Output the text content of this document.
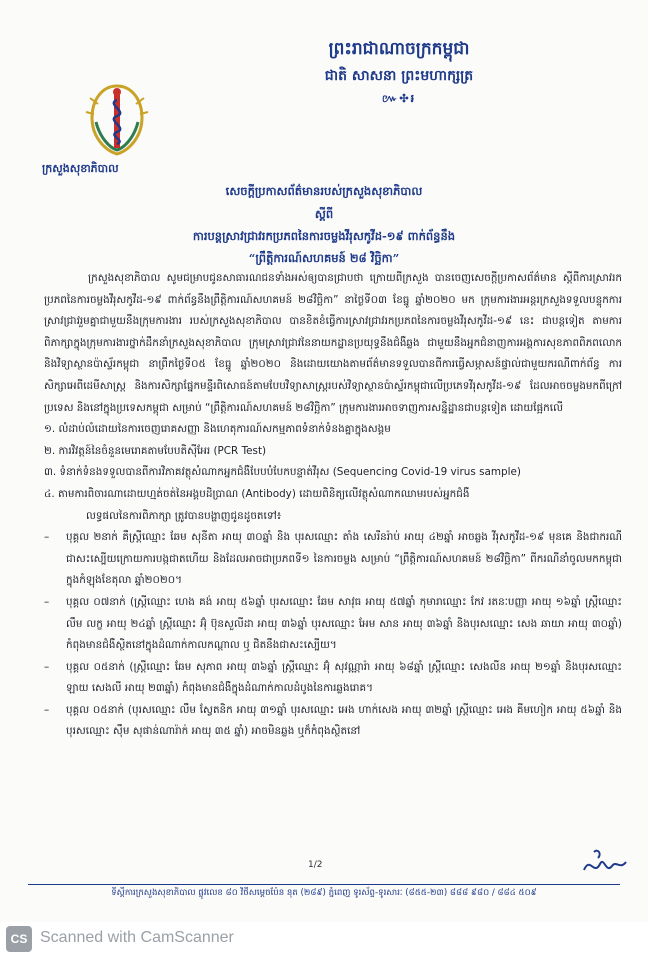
ព្រះរាជាណាចក្រកម្ពុជា
ជាតិ សាសនា ព្រះមហាក្សត្រ
៚✣៛
ក្រសួងសុខាភិបាល
សេចក្តីប្រកាសព័ត៌មានរបស់ក្រសួងសុខាភិបាល
ស្តីពី
ការបន្តស្រាវជ្រាវរកប្រភពនៃការចម្លងវីរុសកូវីដ-១៩ ពាក់ព័ន្ធនឹង
“ព្រឹត្តិការណ៍សហគមន៍ ២៨ វិច្ឆិកា”

ក្រសួងសុខាភិបាល សូមជម្រាបជូនសាធារណជនទាំងអស់ឲ្យបានជ្រាបថា ក្រោយពីក្រសួង បានចេញសេចក្តីប្រកាសព័ត៌មាន ស្តីពីការស្រាវរកប្រភពនៃការចម្លងវីរុសកូវីដ-១៩ ពាក់ព័ន្ធនឹងព្រឹត្តិការណ៍សហគមន៍ ២៨វិច្ឆិកា” នាថ្ងៃទី០៣ ខែធ្នូ ឆ្នាំ២០២០ មក ក្រុមការងារអន្តរក្រសួងទទួលបន្ទុកការស្រាវជ្រាវរួមគ្នាជាមួយនឹងក្រុមការងារ របស់ក្រសួងសុខាភិបាល បានខិតខំធ្វើការស្រាវជ្រាវរកប្រភពនៃការចម្លងវីរុសកូវីដ-១៩ នេះ ជាបន្តទៀត តាមការពិភាក្សាក្នុងក្រុមការងារថ្នាក់ដឹកនាំក្រសួងសុខាភិបាល ក្រុមស្រាវជ្រាវនៃនាយកដ្ឋានប្រយុទ្ធនឹងជំងឺឆ្លង ជាមួយនឹងអ្នកជំនាញការអង្គការសុខភាពពិភពលោក និងវិទ្យាស្ថានប៉ាស្ទ័រកម្ពុជា នាព្រឹកថ្ងៃទី០៥ ខែធ្នូ ឆ្នាំ២០២០ និងដោយយោងតាមព័ត៌មានទទួលបានពីការធ្វើសម្ភាសន៍ផ្ទាល់ជាមួយករណីពាក់ព័ន្ធ ការសិក្សាអេពីដេមីសាស្ត្រ និងការសិក្សាផ្នែកមន្ទីរពិសោធន៍តាមបែបវិទ្យាសាស្ត្ររបស់វិទ្យាស្ថានប៉ាស្ទ័រកម្ពុជាលើប្រភេទវីរុសកូវីដ-១៩ ដែលអាចចម្លងមកពីក្រៅប្រទេស និងនៅក្នុងប្រទេសកម្ពុជា សម្រាប់ “ព្រឹត្តិការណ៍សហគមន៍ ២៨វិច្ឆិកា” ក្រុមការងារអាចទាញការសន្និដ្ឋានជាបន្តទៀត ដោយផ្អែកលើ

១. លំដាប់លំដោយនៃការចេញរោគសញ្ញា និងហេតុការណ៍សកម្មភាពទំនាក់ទំនងគ្នាក្នុងសង្គម

២. ការវិវត្តន៍នៃចំនួនមេរោគតាមបែបតិស៊ីអែរ (PCR Test)

៣. ទំនាក់ទំនងទទួលបានពីការវិភាគវត្ថុសំណាកអ្នកជំងឺបែបបំបែកបន្ទាត់វីរុស (Sequencing Covid-19 virus sample)

៤. តាមការពិចារណាដោយហ្មត់ចត់នៃអង្គបដិប្រាណ (Antibody) ដោយពិនិត្យលើវត្ថុសំណាកឈាមរបស់អ្នកជំងឺ

លទ្ធផលនៃការពិភាក្សា ត្រូវបានបង្ហាញជូនដូចតទៅ៖

– បុគ្គល ២នាក់ គឺស្ត្រីឈ្មោះ ឆែម សុនីតា អាយុ ៣០ឆ្នាំ និង បុរសឈ្មោះ តាំង សេរីនរ៉ាប់ អាយុ ៤២ឆ្នាំ អាចឆ្លង វីរុសកូវីដ-១៩ មុនគេ និងជាករណីជាសះស្បើយក្រោយការបង្កជាតហើយ និងដែលអាចជាប្រភពទី១ នៃការចម្លង សម្រាប់ “ព្រឹត្តិការណ៍សហគមន៍ ២៨វិច្ឆិកា” ពីករណីនាំចូលមកកម្ពុជាក្នុងកំឡុងខែតុលា ឆ្នាំ២០២០។
– បុគ្គល ០៧នាក់ (ស្ត្រីឈ្មោះ ហេង គង់ អាយុ ៥៦ឆ្នាំ បុរសឈ្មោះ ឆែម សាវុធ អាយុ ៥៧ឆ្នាំ កុមារាឈ្មោះ កែវ រតនៈបញ្ញា អាយុ ១៦ឆ្នាំ ស្ត្រីឈ្មោះ លឹម លក្ខ អាយុ ២៤ឆ្នាំ ស្ត្រីឈ្មោះ អ៊ុំ ប៊ុនសួលីដា អាយុ ៣៦ឆ្នាំ បុរសឈ្មោះ អែម សាន អាយុ ៣៦ឆ្នាំ និងបុរសឈ្មោះ សេង ឆាយា អាយុ ៣០ឆ្នាំ) កំពុងមានជំងឺស្ថិតនៅក្នុងដំណាក់កាលកណ្តាល ឬ ជិតនឹងជាសះស្បើយ។
– បុគ្គល ០៥នាក់ (ស្ត្រីឈ្មោះ ឆែម សុភាព អាយុ ៣៦ឆ្នាំ ស្ត្រីឈ្មោះ អ៊ុំ សុវណ្ណារ៉ា អាយុ ៦៨ឆ្នាំ ស្ត្រីឈ្មោះ សេងលីន អាយុ ២១ឆ្នាំ និងបុរសឈ្មោះ ឡាយ សេងលី អាយុ ២៣ឆ្នាំ) កំពុងមានជំងឺក្នុងដំណាក់កាលដំបូងនៃការឆ្លងរោគ។
– បុគ្គល ០៥នាក់ (បុរសឈ្មោះ លឹម ស្វែតនិក អាយុ ៣១ឆ្នាំ បុរសឈ្មោះ អេង ហាក់សេង អាយុ ៣២ឆ្នាំ ស្ត្រីឈ្មោះ អេង គីមហៀក អាយុ ៥៦ឆ្នាំ និងបុរសឈ្មោះ ស៊ឹម សុផាន់ណារ៉ាក់ អាយុ ៣៥ ឆ្នាំ) អាចមិនឆ្លង ឬក៏កំពុងស្ថិតនៅ
1/2
ទីស្តីការក្រសួងសុខាភិបាល ផ្លូវលេខ ៨០ វិថីសម្តេចប៉ែន នុត (២៨៩) ភ្នំពេញ ទូរស័ព្ទ-ទូរសារៈ (៨៥៥-២៣) ៨៨៨ ៩៨០ / ៨៨៤ ៥០៩
CS Scanned with CamScanner
